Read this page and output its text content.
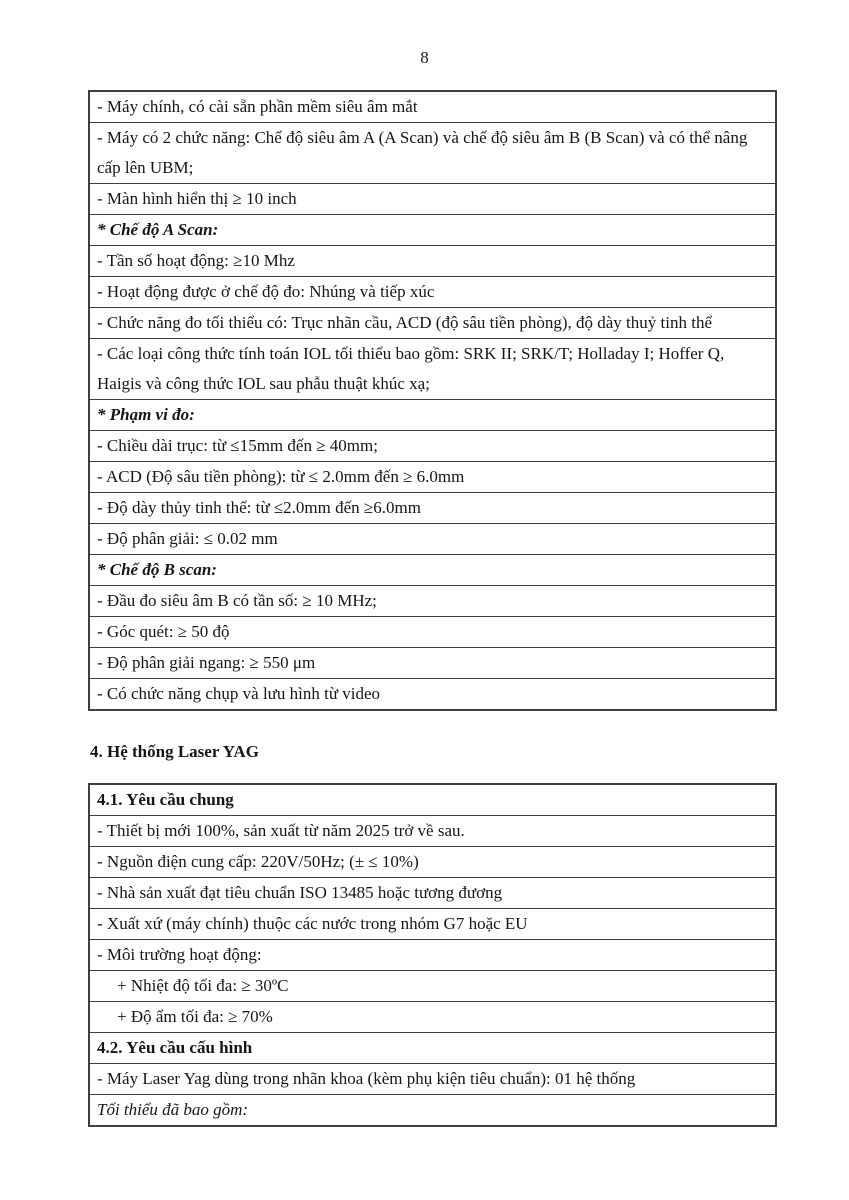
8
- Máy chính, có cài sẵn phần mềm siêu âm mắt
- Máy có 2 chức năng: Chế độ siêu âm A (A Scan) và chế độ siêu âm B (B Scan) và có thể nâng cấp lên UBM;
- Màn hình hiển thị ≥ 10 inch
* Chế độ A Scan:
- Tần số hoạt động: ≥10 Mhz
- Hoạt động được ở chế độ đo: Nhúng và tiếp xúc
- Chức năng đo tối thiểu có: Trục nhãn cầu, ACD (độ sâu tiền phòng), độ dày thuỷ tinh thể
- Các loại công thức tính toán IOL tối thiểu bao gồm: SRK II; SRK/T; Holladay I; Hoffer Q, Haigis và công thức IOL sau phẫu thuật khúc xạ;
* Phạm vi đo:
- Chiều dài trục: từ ≤15mm đến ≥ 40mm;
- ACD (Độ sâu tiền phòng): từ ≤ 2.0mm đến ≥ 6.0mm
- Độ dày thủy tinh thể: từ ≤2.0mm đến ≥6.0mm
- Độ phân giải: ≤ 0.02 mm
* Chế độ B scan:
- Đầu đo siêu âm B có tần số: ≥ 10 MHz;
- Góc quét: ≥ 50 độ
- Độ phân giải ngang: ≥ 550 μm
- Có chức năng chụp và lưu hình từ video
4. Hệ thống Laser YAG
4.1. Yêu cầu chung
- Thiết bị mới 100%, sản xuất từ năm 2025 trở về sau.
- Nguồn điện cung cấp: 220V/50Hz; (± ≤ 10%)
- Nhà sản xuất đạt tiêu chuẩn ISO 13485 hoặc tương đương
- Xuất xứ (máy chính) thuộc các nước trong nhóm G7 hoặc EU
- Môi trường hoạt động:
+ Nhiệt độ tối đa: ≥ 30ºC
+ Độ ẩm tối đa: ≥ 70%
4.2. Yêu cầu cấu hình
- Máy Laser Yag dùng trong nhãn khoa (kèm phụ kiện tiêu chuẩn): 01 hệ thống
Tối thiểu đã bao gồm:
